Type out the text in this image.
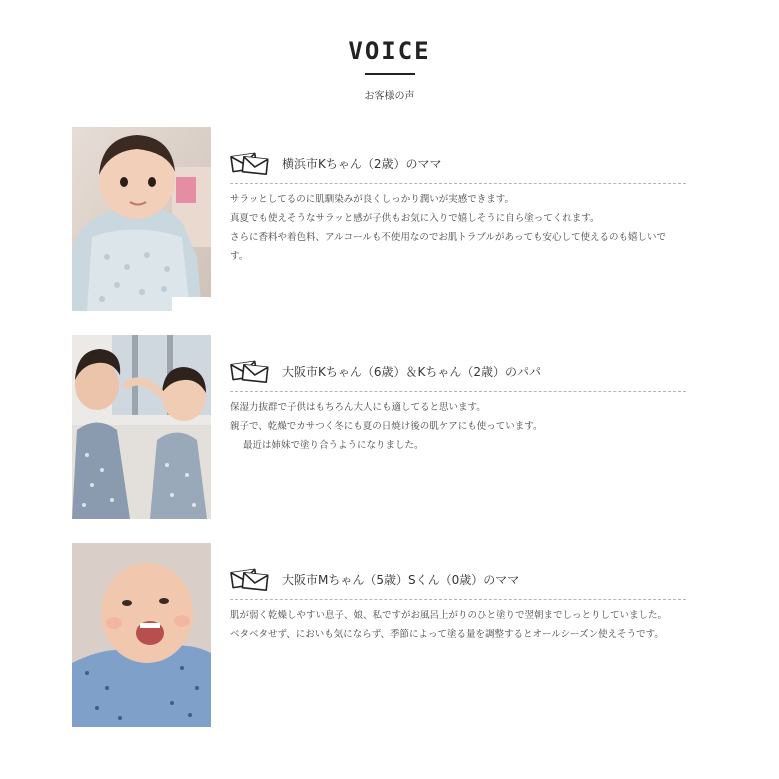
VOICE
お客様の声
横浜市Kちゃん（2歳）のママ

サラッとしてるのに肌馴染みが良くしっかり潤いが実感できます。

真夏でも使えそうなサラッと感が子供もお気に入りで嬉しそうに自ら塗ってくれます。

さらに香料や着色料、アルコールも不使用なのでお肌トラブルがあっても安心して使えるのも嬉しいで

す。

大阪市Kちゃん（6歳）＆Kちゃん（2歳）のパパ

保湿力抜群で子供はもちろん大人にも適してると思います。

親子で、乾燥でカサつく冬にも夏の日焼け後の肌ケアにも使っています。

最近は姉妹で塗り合うようになりました。

大阪市Mちゃん（5歳）Sくん（0歳）のママ

肌が弱く乾燥しやすい息子、娘、私ですがお風呂上がりのひと塗りで翌朝までしっとりしていました。

ベタベタせず、においも気にならず、季節によって塗る量を調整するとオールシーズン使えそうです。
